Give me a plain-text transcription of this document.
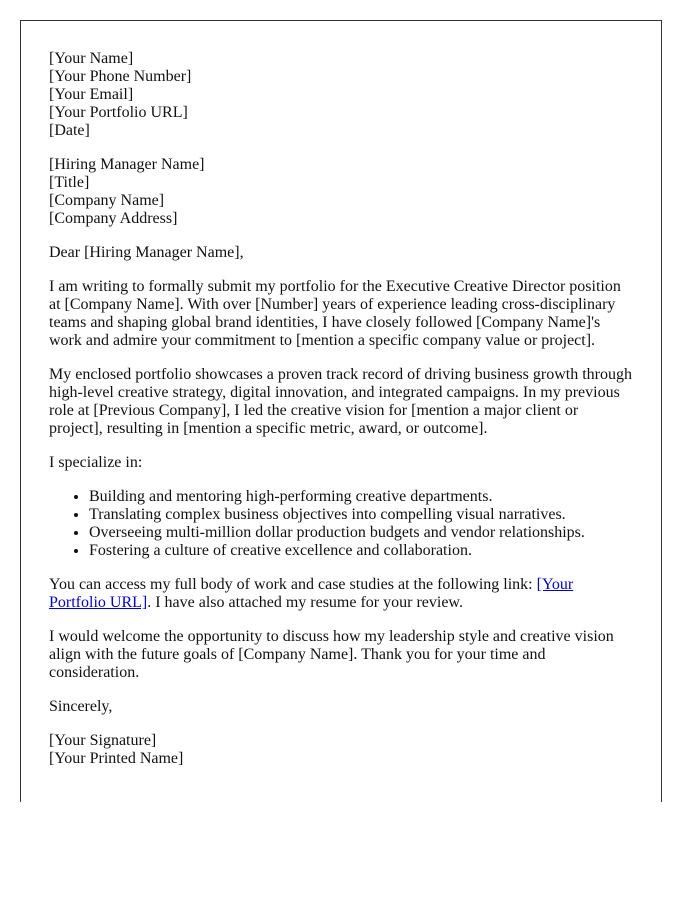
[Your Name]
[Your Phone Number]
[Your Email]
[Your Portfolio URL]
[Date]

[Hiring Manager Name]
[Title]
[Company Name]
[Company Address]

Dear [Hiring Manager Name],

I am writing to formally submit my portfolio for the Executive Creative Director position at [Company Name]. With over [Number] years of experience leading cross-disciplinary teams and shaping global brand identities, I have closely followed [Company Name]'s work and admire your commitment to [mention a specific company value or project].

My enclosed portfolio showcases a proven track record of driving business growth through high-level creative strategy, digital innovation, and integrated campaigns. In my previous role at [Previous Company], I led the creative vision for [mention a major client or project], resulting in [mention a specific metric, award, or outcome].

I specialize in:

• Building and mentoring high-performing creative departments.
• Translating complex business objectives into compelling visual narratives.
• Overseeing multi-million dollar production budgets and vendor relationships.
• Fostering a culture of creative excellence and collaboration.

You can access my full body of work and case studies at the following link: [Your Portfolio URL]. I have also attached my resume for your review.

I would welcome the opportunity to discuss how my leadership style and creative vision align with the future goals of [Company Name]. Thank you for your time and consideration.

Sincerely,

[Your Signature]
[Your Printed Name]
